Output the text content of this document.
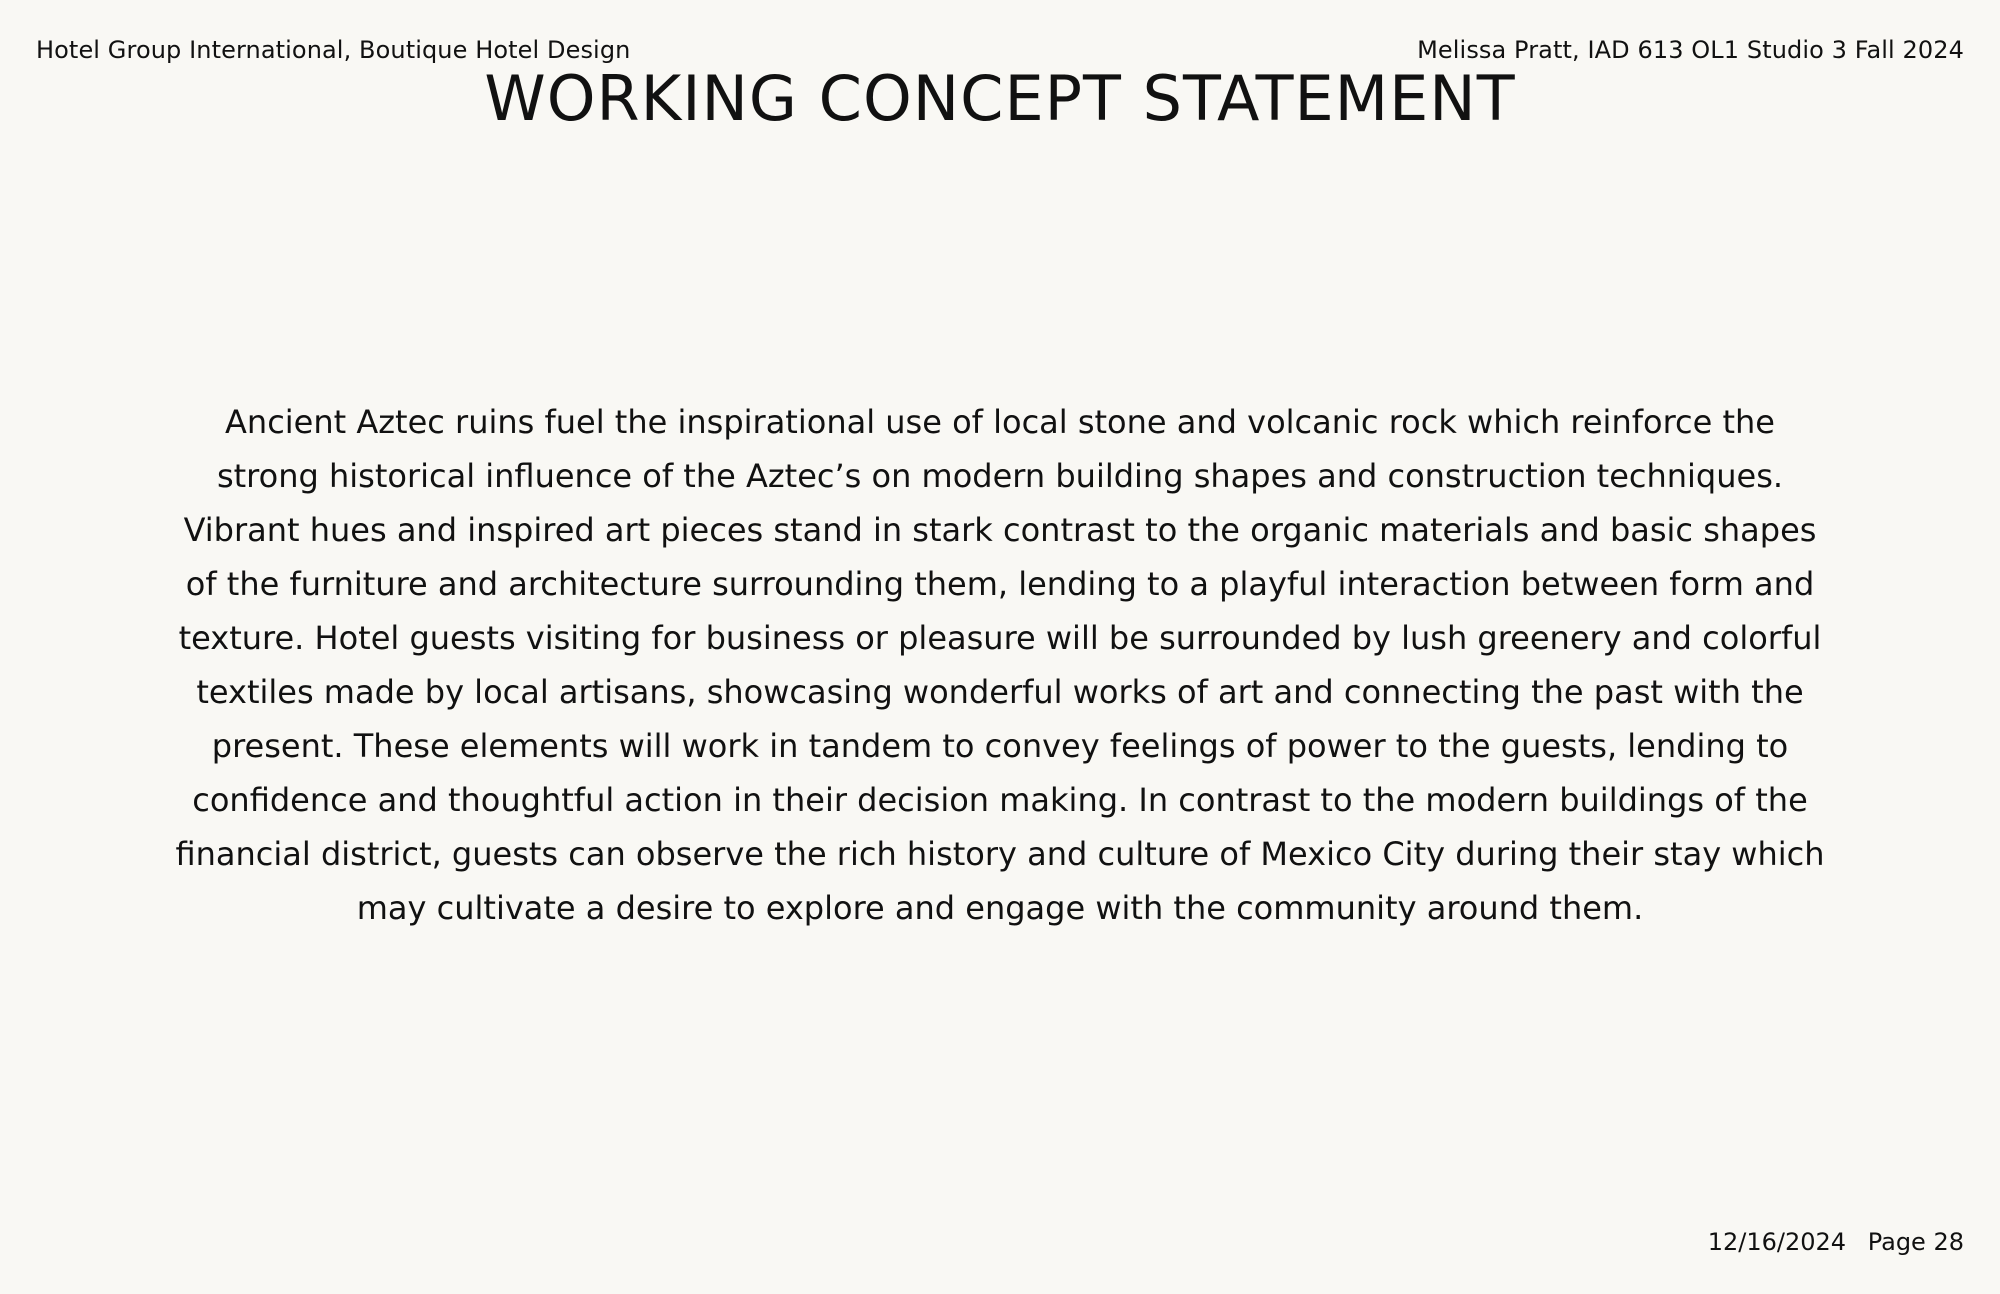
Hotel Group International, Boutique Hotel Design	Melissa Pratt, IAD 613 OL1 Studio 3 Fall 2024
WORKING CONCEPT STATEMENT

Ancient Aztec ruins fuel the inspirational use of local stone and volcanic rock which reinforce the strong historical influence of the Aztec’s on modern building shapes and construction techniques. Vibrant hues and inspired art pieces stand in stark contrast to the organic materials and basic shapes of the furniture and architecture surrounding them, lending to a playful interaction between form and texture. Hotel guests visiting for business or pleasure will be surrounded by lush greenery and colorful textiles made by local artisans, showcasing wonderful works of art and connecting the past with the present. These elements will work in tandem to convey feelings of power to the guests, lending to confidence and thoughtful action in their decision making. In contrast to the modern buildings of the financial district, guests can observe the rich history and culture of Mexico City during their stay which may cultivate a desire to explore and engage with the community around them.

12/16/2024 Page 28
